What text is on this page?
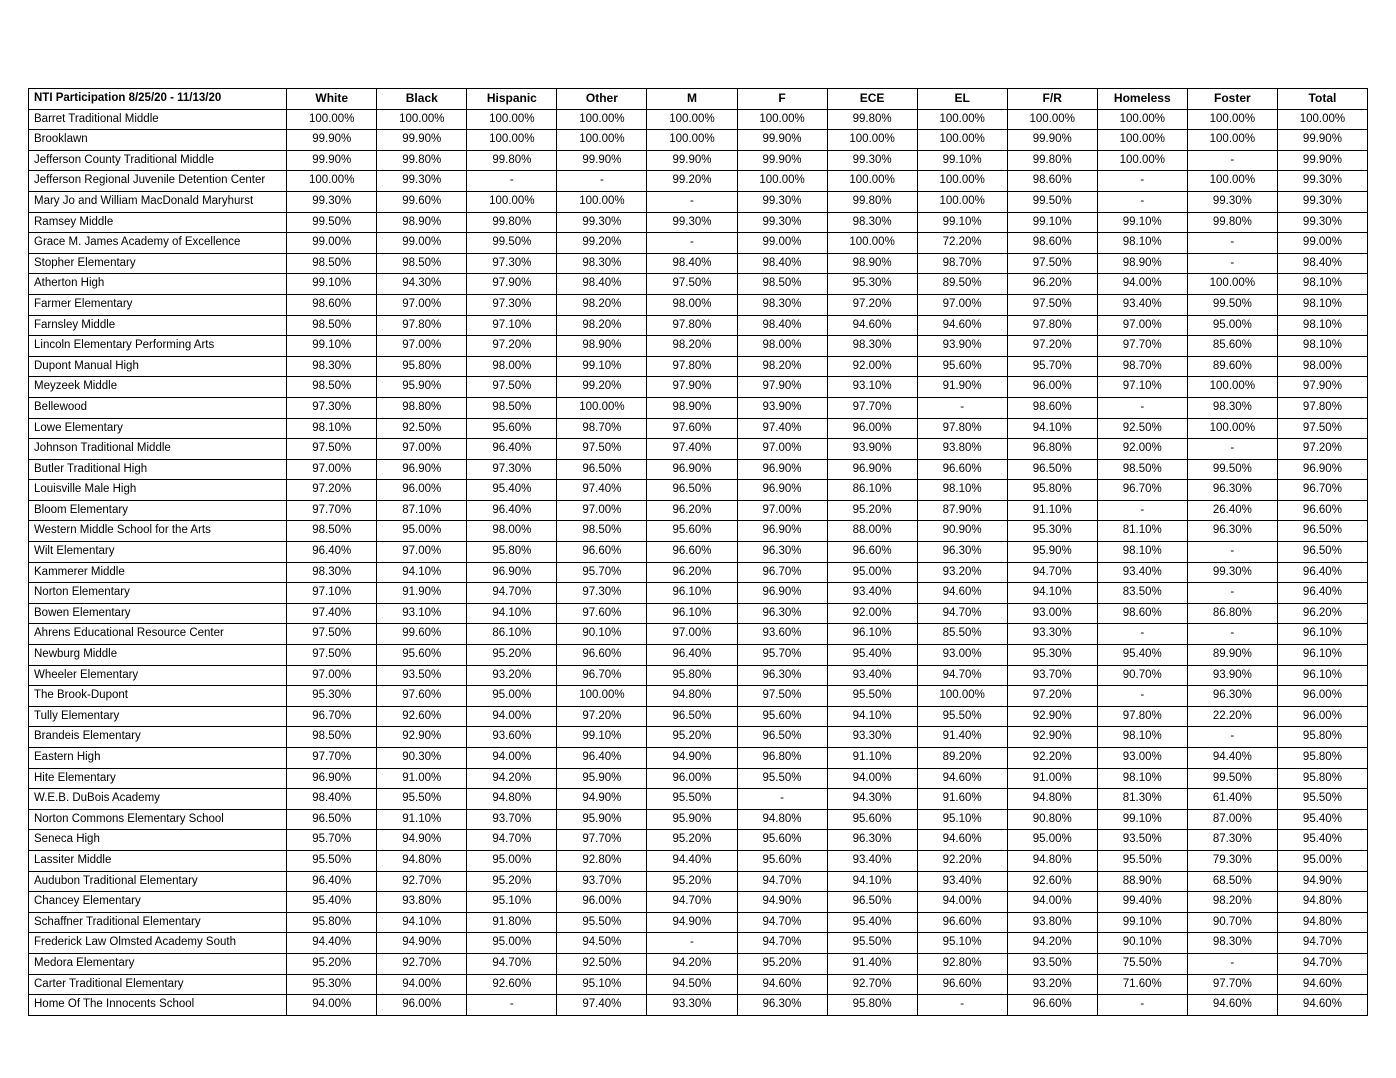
NTI Participation 8/25/20 - 11/13/20	White	Black	Hispanic	Other	M	F	ECE	EL	F/R	Homeless	Foster	Total
Barret Traditional Middle	100.00%	100.00%	100.00%	100.00%	100.00%	100.00%	99.80%	100.00%	100.00%	100.00%	100.00%	100.00%
Brooklawn	99.90%	99.90%	100.00%	100.00%	100.00%	99.90%	100.00%	100.00%	99.90%	100.00%	100.00%	99.90%
Jefferson County Traditional Middle	99.90%	99.80%	99.80%	99.90%	99.90%	99.90%	99.30%	99.10%	99.80%	100.00%	-	99.90%
Jefferson Regional Juvenile Detention Center	100.00%	99.30%	-	-	99.20%	100.00%	100.00%	100.00%	98.60%	-	100.00%	99.30%
Mary Jo and William MacDonald Maryhurst	99.30%	99.60%	100.00%	100.00%	-	99.30%	99.80%	100.00%	99.50%	-	99.30%	99.30%
Ramsey Middle	99.50%	98.90%	99.80%	99.30%	99.30%	99.30%	98.30%	99.10%	99.10%	99.10%	99.80%	99.30%
Grace M. James Academy of Excellence	99.00%	99.00%	99.50%	99.20%	-	99.00%	100.00%	72.20%	98.60%	98.10%	-	99.00%
Stopher Elementary	98.50%	98.50%	97.30%	98.30%	98.40%	98.40%	98.90%	98.70%	97.50%	98.90%	-	98.40%
Atherton High	99.10%	94.30%	97.90%	98.40%	97.50%	98.50%	95.30%	89.50%	96.20%	94.00%	100.00%	98.10%
Farmer Elementary	98.60%	97.00%	97.30%	98.20%	98.00%	98.30%	97.20%	97.00%	97.50%	93.40%	99.50%	98.10%
Farnsley Middle	98.50%	97.80%	97.10%	98.20%	97.80%	98.40%	94.60%	94.60%	97.80%	97.00%	95.00%	98.10%
Lincoln Elementary Performing Arts	99.10%	97.00%	97.20%	98.90%	98.20%	98.00%	98.30%	93.90%	97.20%	97.70%	85.60%	98.10%
Dupont Manual High	98.30%	95.80%	98.00%	99.10%	97.80%	98.20%	92.00%	95.60%	95.70%	98.70%	89.60%	98.00%
Meyzeek Middle	98.50%	95.90%	97.50%	99.20%	97.90%	97.90%	93.10%	91.90%	96.00%	97.10%	100.00%	97.90%
Bellewood	97.30%	98.80%	98.50%	100.00%	98.90%	93.90%	97.70%	-	98.60%	-	98.30%	97.80%
Lowe Elementary	98.10%	92.50%	95.60%	98.70%	97.60%	97.40%	96.00%	97.80%	94.10%	92.50%	100.00%	97.50%
Johnson Traditional Middle	97.50%	97.00%	96.40%	97.50%	97.40%	97.00%	93.90%	93.80%	96.80%	92.00%	-	97.20%
Butler Traditional High	97.00%	96.90%	97.30%	96.50%	96.90%	96.90%	96.90%	96.60%	96.50%	98.50%	99.50%	96.90%
Louisville Male High	97.20%	96.00%	95.40%	97.40%	96.50%	96.90%	86.10%	98.10%	95.80%	96.70%	96.30%	96.70%
Bloom Elementary	97.70%	87.10%	96.40%	97.00%	96.20%	97.00%	95.20%	87.90%	91.10%	-	26.40%	96.60%
Western Middle School for the Arts	98.50%	95.00%	98.00%	98.50%	95.60%	96.90%	88.00%	90.90%	95.30%	81.10%	96.30%	96.50%
Wilt Elementary	96.40%	97.00%	95.80%	96.60%	96.60%	96.30%	96.60%	96.30%	95.90%	98.10%	-	96.50%
Kammerer Middle	98.30%	94.10%	96.90%	95.70%	96.20%	96.70%	95.00%	93.20%	94.70%	93.40%	99.30%	96.40%
Norton Elementary	97.10%	91.90%	94.70%	97.30%	96.10%	96.90%	93.40%	94.60%	94.10%	83.50%	-	96.40%
Bowen Elementary	97.40%	93.10%	94.10%	97.60%	96.10%	96.30%	92.00%	94.70%	93.00%	98.60%	86.80%	96.20%
Ahrens Educational Resource Center	97.50%	99.60%	86.10%	90.10%	97.00%	93.60%	96.10%	85.50%	93.30%	-	-	96.10%
Newburg Middle	97.50%	95.60%	95.20%	96.60%	96.40%	95.70%	95.40%	93.00%	95.30%	95.40%	89.90%	96.10%
Wheeler Elementary	97.00%	93.50%	93.20%	96.70%	95.80%	96.30%	93.40%	94.70%	93.70%	90.70%	93.90%	96.10%
The Brook-Dupont	95.30%	97.60%	95.00%	100.00%	94.80%	97.50%	95.50%	100.00%	97.20%	-	96.30%	96.00%
Tully Elementary	96.70%	92.60%	94.00%	97.20%	96.50%	95.60%	94.10%	95.50%	92.90%	97.80%	22.20%	96.00%
Brandeis Elementary	98.50%	92.90%	93.60%	99.10%	95.20%	96.50%	93.30%	91.40%	92.90%	98.10%	-	95.80%
Eastern High	97.70%	90.30%	94.00%	96.40%	94.90%	96.80%	91.10%	89.20%	92.20%	93.00%	94.40%	95.80%
Hite Elementary	96.90%	91.00%	94.20%	95.90%	96.00%	95.50%	94.00%	94.60%	91.00%	98.10%	99.50%	95.80%
W.E.B. DuBois Academy	98.40%	95.50%	94.80%	94.90%	95.50%	-	94.30%	91.60%	94.80%	81.30%	61.40%	95.50%
Norton Commons Elementary School	96.50%	91.10%	93.70%	95.90%	95.90%	94.80%	95.60%	95.10%	90.80%	99.10%	87.00%	95.40%
Seneca High	95.70%	94.90%	94.70%	97.70%	95.20%	95.60%	96.30%	94.60%	95.00%	93.50%	87.30%	95.40%
Lassiter Middle	95.50%	94.80%	95.00%	92.80%	94.40%	95.60%	93.40%	92.20%	94.80%	95.50%	79.30%	95.00%
Audubon Traditional Elementary	96.40%	92.70%	95.20%	93.70%	95.20%	94.70%	94.10%	93.40%	92.60%	88.90%	68.50%	94.90%
Chancey Elementary	95.40%	93.80%	95.10%	96.00%	94.70%	94.90%	96.50%	94.00%	94.00%	99.40%	98.20%	94.80%
Schaffner Traditional Elementary	95.80%	94.10%	91.80%	95.50%	94.90%	94.70%	95.40%	96.60%	93.80%	99.10%	90.70%	94.80%
Frederick Law Olmsted Academy South	94.40%	94.90%	95.00%	94.50%	-	94.70%	95.50%	95.10%	94.20%	90.10%	98.30%	94.70%
Medora Elementary	95.20%	92.70%	94.70%	92.50%	94.20%	95.20%	91.40%	92.80%	93.50%	75.50%	-	94.70%
Carter Traditional Elementary	95.30%	94.00%	92.60%	95.10%	94.50%	94.60%	92.70%	96.60%	93.20%	71.60%	97.70%	94.60%
Home Of The Innocents School	94.00%	96.00%	-	97.40%	93.30%	96.30%	95.80%	-	96.60%	-	94.60%	94.60%
